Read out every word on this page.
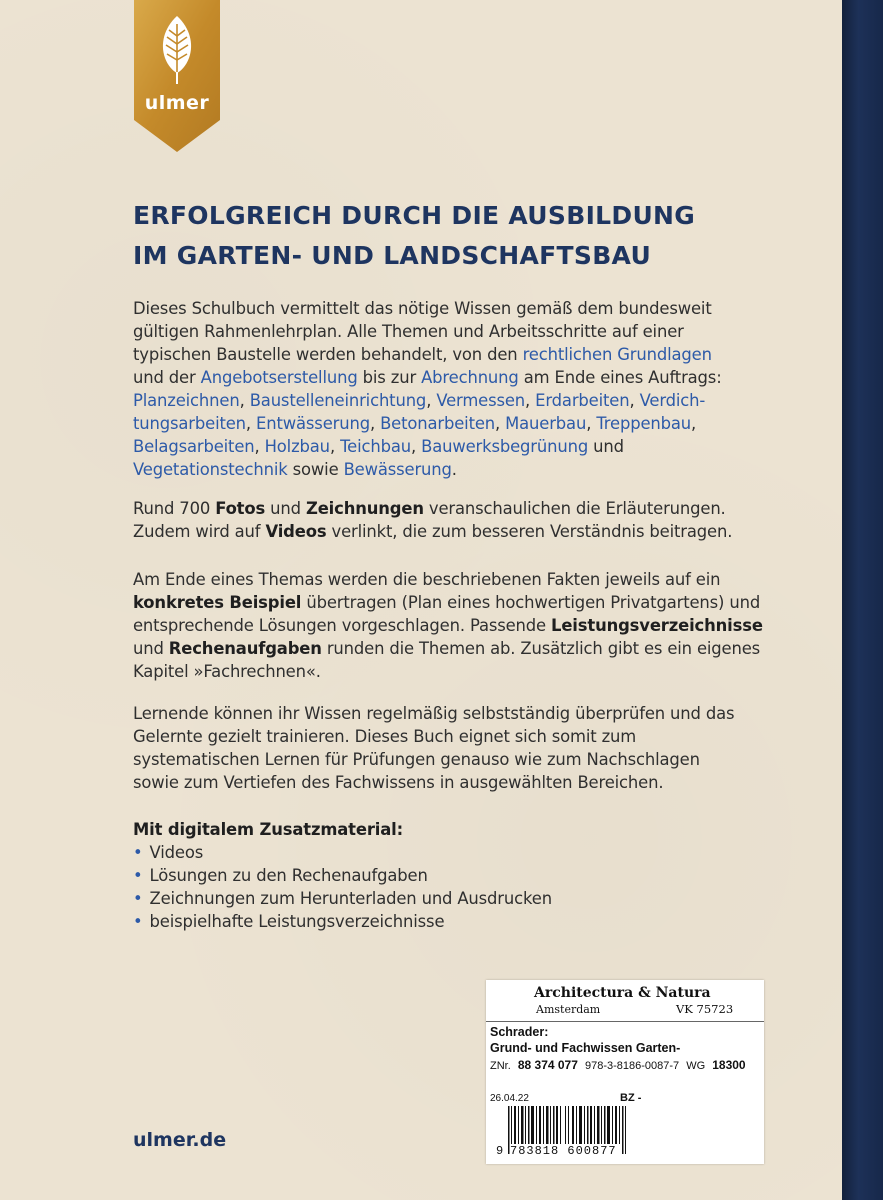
ulmer
ERFOLGREICH DURCH DIE AUSBILDUNG
IM GARTEN- UND LANDSCHAFTSBAU
Dieses Schulbuch vermittelt das nötige Wissen gemäß dem bundesweit
gültigen Rahmenlehrplan. Alle Themen und Arbeitsschritte auf einer
typischen Baustelle werden behandelt, von den rechtlichen Grundlagen
und der Angebotserstellung bis zur Abrechnung am Ende eines Auftrags:
Planzeichnen, Baustelleneinrichtung, Vermessen, Erdarbeiten, Verdich-
tungsarbeiten, Entwässerung, Betonarbeiten, Mauerbau, Treppenbau,
Belagsarbeiten, Holzbau, Teichbau, Bauwerksbegrünung und
Vegetationstechnik sowie Bewässerung.
Rund 700 Fotos und Zeichnungen veranschaulichen die Erläuterungen.
Zudem wird auf Videos verlinkt, die zum besseren Verständnis beitragen.
Am Ende eines Themas werden die beschriebenen Fakten jeweils auf ein
konkretes Beispiel übertragen (Plan eines hochwertigen Privatgartens) und
entsprechende Lösungen vorgeschlagen. Passende Leistungsverzeichnisse
und Rechenaufgaben runden die Themen ab. Zusätzlich gibt es ein eigenes
Kapitel »Fachrechnen«.
Lernende können ihr Wissen regelmäßig selbstständig überprüfen und das
Gelernte gezielt trainieren. Dieses Buch eignet sich somit zum
systematischen Lernen für Prüfungen genauso wie zum Nachschlagen
sowie zum Vertiefen des Fachwissens in ausgewählten Bereichen.
Mit digitalem Zusatzmaterial:
• Videos
• Lösungen zu den Rechenaufgaben
• Zeichnungen zum Herunterladen und Ausdrucken
• beispielhafte Leistungsverzeichnisse
ulmer.de
Architectura & Natura
Amsterdam	VK 75723
Schrader:
Grund- und Fachwissen Garten-
ZNr. 88 374 077 978-3-8186-0087-7 WG 18300
26.04.22	BZ -
9 783818 600877
